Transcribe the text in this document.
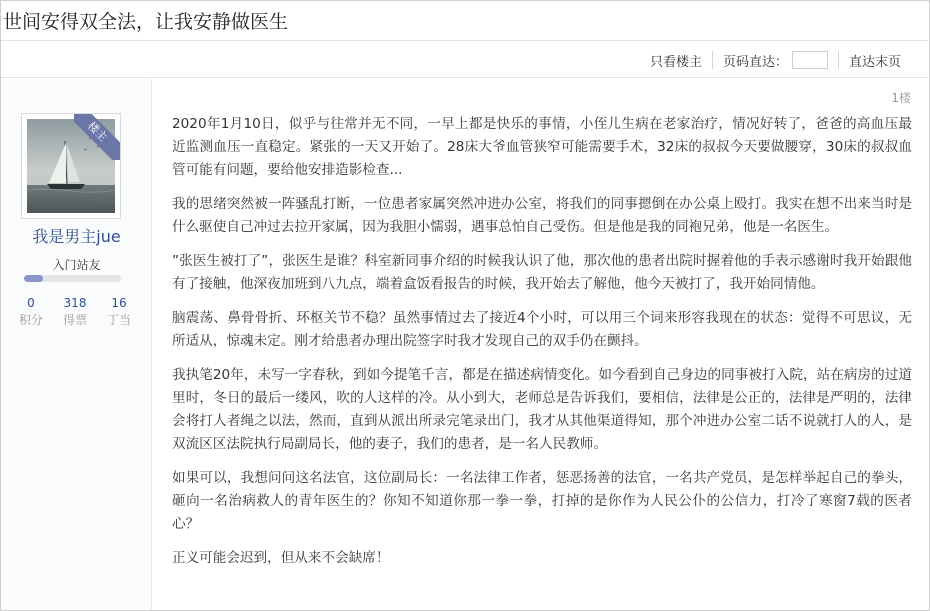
世间安得双全法，让我安静做医生
只看楼主	页码直达：	直达末页
楼主
我是男主jue
入门站友
0
积分
318
得票
16
丁当
1楼

2020年1月10日，似乎与往常并无不同，一早上都是快乐的事情，小侄儿生病在老家治疗，情况好转了，爸爸的高血压最近监测血压一直稳定。紧张的一天又开始了。28床大爷血管狭窄可能需要手术，32床的叔叔今天要做腰穿，30床的叔叔血管可能有问题，要给他安排造影检查...

我的思绪突然被一阵骚乱打断，一位患者家属突然冲进办公室，将我们的同事摁倒在办公桌上殴打。我实在想不出来当时是什么驱使自己冲过去拉开家属，因为我胆小懦弱，遇事总怕自己受伤。但是他是我的同袍兄弟，他是一名医生。

”张医生被打了”，张医生是谁？科室新同事介绍的时候我认识了他，那次他的患者出院时握着他的手表示感谢时我开始跟他有了接触，他深夜加班到八九点，端着盒饭看报告的时候，我开始去了解他，他今天被打了，我开始同情他。

脑震荡、鼻骨骨折、环枢关节不稳？虽然事情过去了接近4个小时，可以用三个词来形容我现在的状态：觉得不可思议，无所适从，惊魂未定。刚才给患者办理出院签字时我才发现自己的双手仍在颤抖。

我执笔20年，未写一字春秋，到如今提笔千言，都是在描述病情变化。如今看到自己身边的同事被打入院，站在病房的过道里时，冬日的最后一缕风，吹的人这样的冷。从小到大，老师总是告诉我们，要相信，法律是公正的，法律是严明的，法律会将打人者绳之以法，然而，直到从派出所录完笔录出门，我才从其他渠道得知，那个冲进办公室二话不说就打人的人，是双流区区法院执行局副局长，他的妻子，我们的患者，是一名人民教师。

如果可以，我想问问这名法官，这位副局长：一名法律工作者，惩恶扬善的法官，一名共产党员，是怎样举起自己的拳头，砸向一名治病救人的青年医生的？你知不知道你那一拳一拳，打掉的是你作为人民公仆的公信力，打冷了寒窗7载的医者心？

正义可能会迟到，但从来不会缺席！
